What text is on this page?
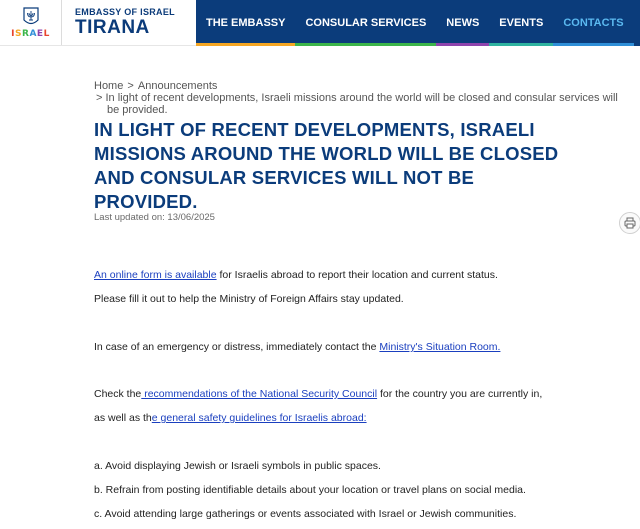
ISRAEL
EMBASSY OF ISRAEL
TIRANA	THE EMBASSY	CONSULAR SERVICES	NEWS	EVENTS	CONTACTS
Home > Announcements
> In light of recent developments, Israeli missions around the world will be closed and consular services will
be provided.
IN LIGHT OF RECENT DEVELOPMENTS, ISRAELI MISSIONS AROUND THE WORLD WILL BE CLOSED AND CONSULAR SERVICES WILL NOT BE PROVIDED.
Last updated on: 13/06/2025
An online form is available for Israelis abroad to report their location and current status.
Please fill it out to help the Ministry of Foreign Affairs stay updated.
In case of an emergency or distress, immediately contact the Ministry's Situation Room.
Check the recommendations of the National Security Council for the country you are currently in,
as well as the general safety guidelines for Israelis abroad:
a. Avoid displaying Jewish or Israeli symbols in public spaces.
b. Refrain from posting identifiable details about your location or travel plans on social media.
c. Avoid attending large gatherings or events associated with Israel or Jewish communities.
